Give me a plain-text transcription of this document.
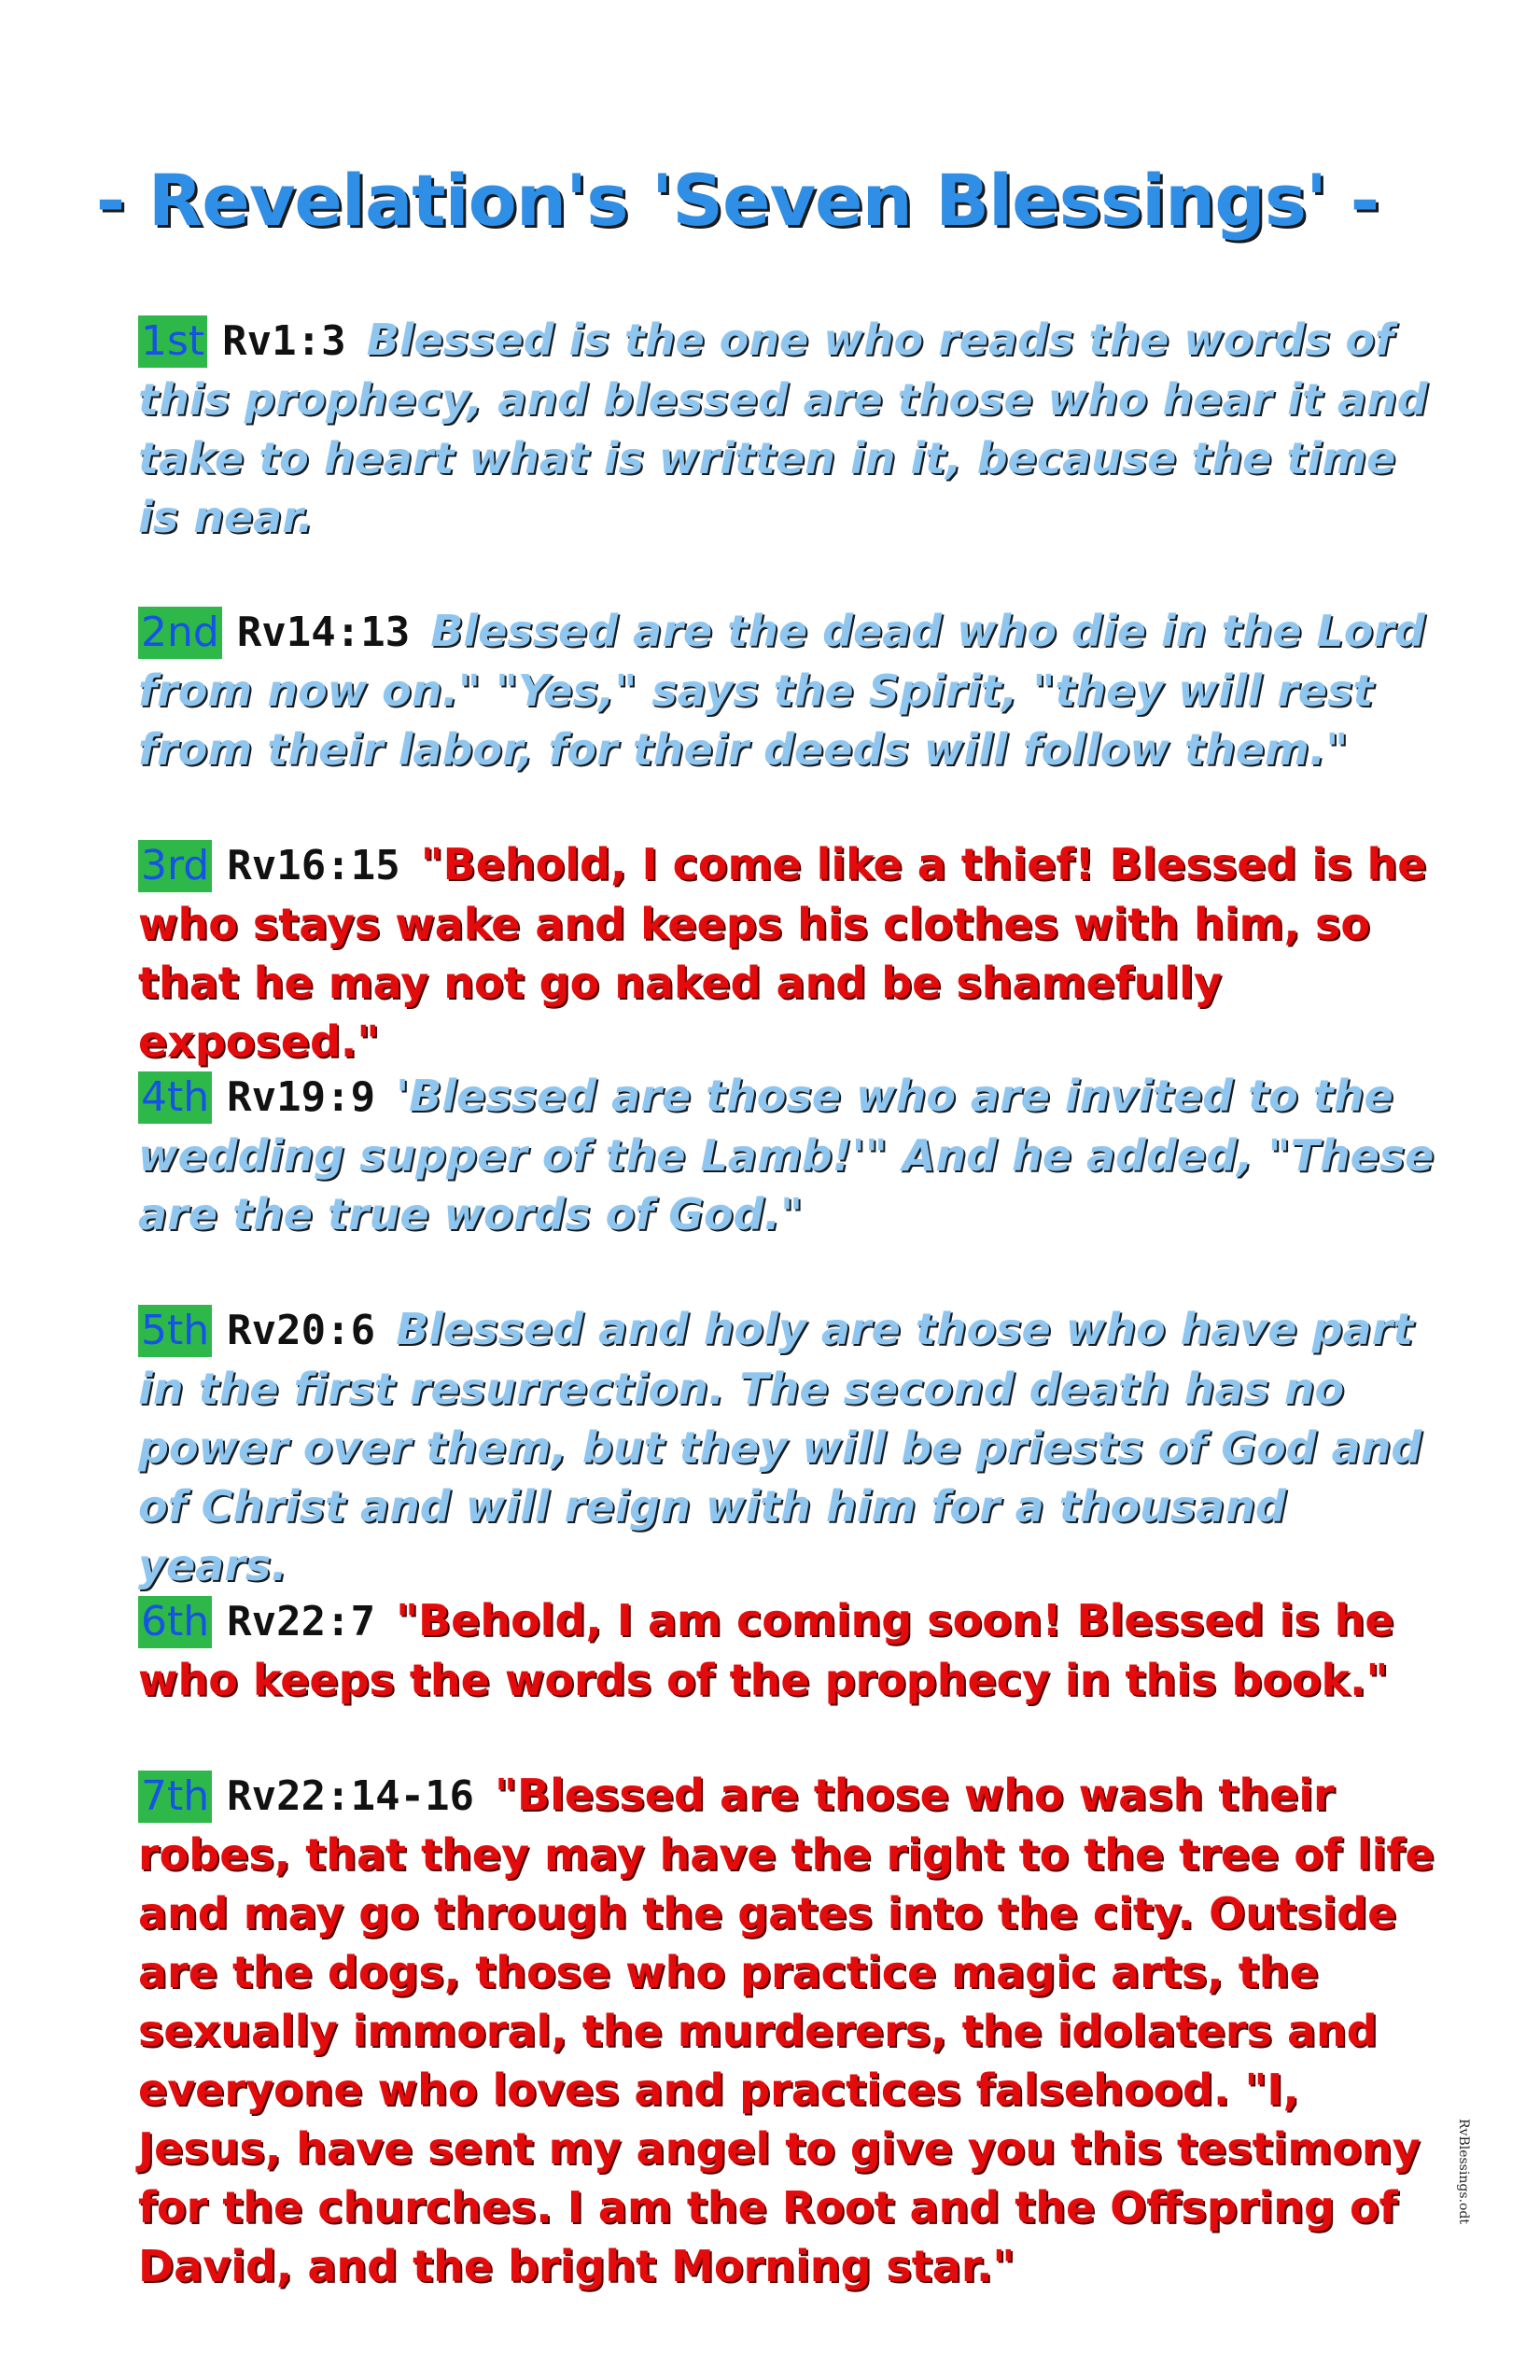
- Revelation's 'Seven Blessings' -

1st Rv1:3 Blessed is the one who reads the words of this prophecy, and blessed are those who hear it and take to heart what is written in it, because the time is near.

2nd Rv14:13 Blessed are the dead who die in the Lord from now on." "Yes," says the Spirit, "they will rest from their labor, for their deeds will follow them."

3rd Rv16:15 "Behold, I come like a thief! Blessed is he who stays wake and keeps his clothes with him, so that he may not go naked and be shamefully exposed."

4th Rv19:9 'Blessed are those who are invited to the wedding supper of the Lamb!'" And he added, "These are the true words of God."

5th Rv20:6 Blessed and holy are those who have part in the first resurrection. The second death has no power over them, but they will be priests of God and of Christ and will reign with him for a thousand years.

6th Rv22:7 "Behold, I am coming soon! Blessed is he who keeps the words of the prophecy in this book."

7th Rv22:14-16 "Blessed are those who wash their robes, that they may have the right to the tree of life and may go through the gates into the city. Outside are the dogs, those who practice magic arts, the sexually immoral, the murderers, the idolaters and everyone who loves and practices falsehood. "I, Jesus, have sent my angel to give you this testimony for the churches. I am the Root and the Offspring of David, and the bright Morning star."

RvBlessings.odt
